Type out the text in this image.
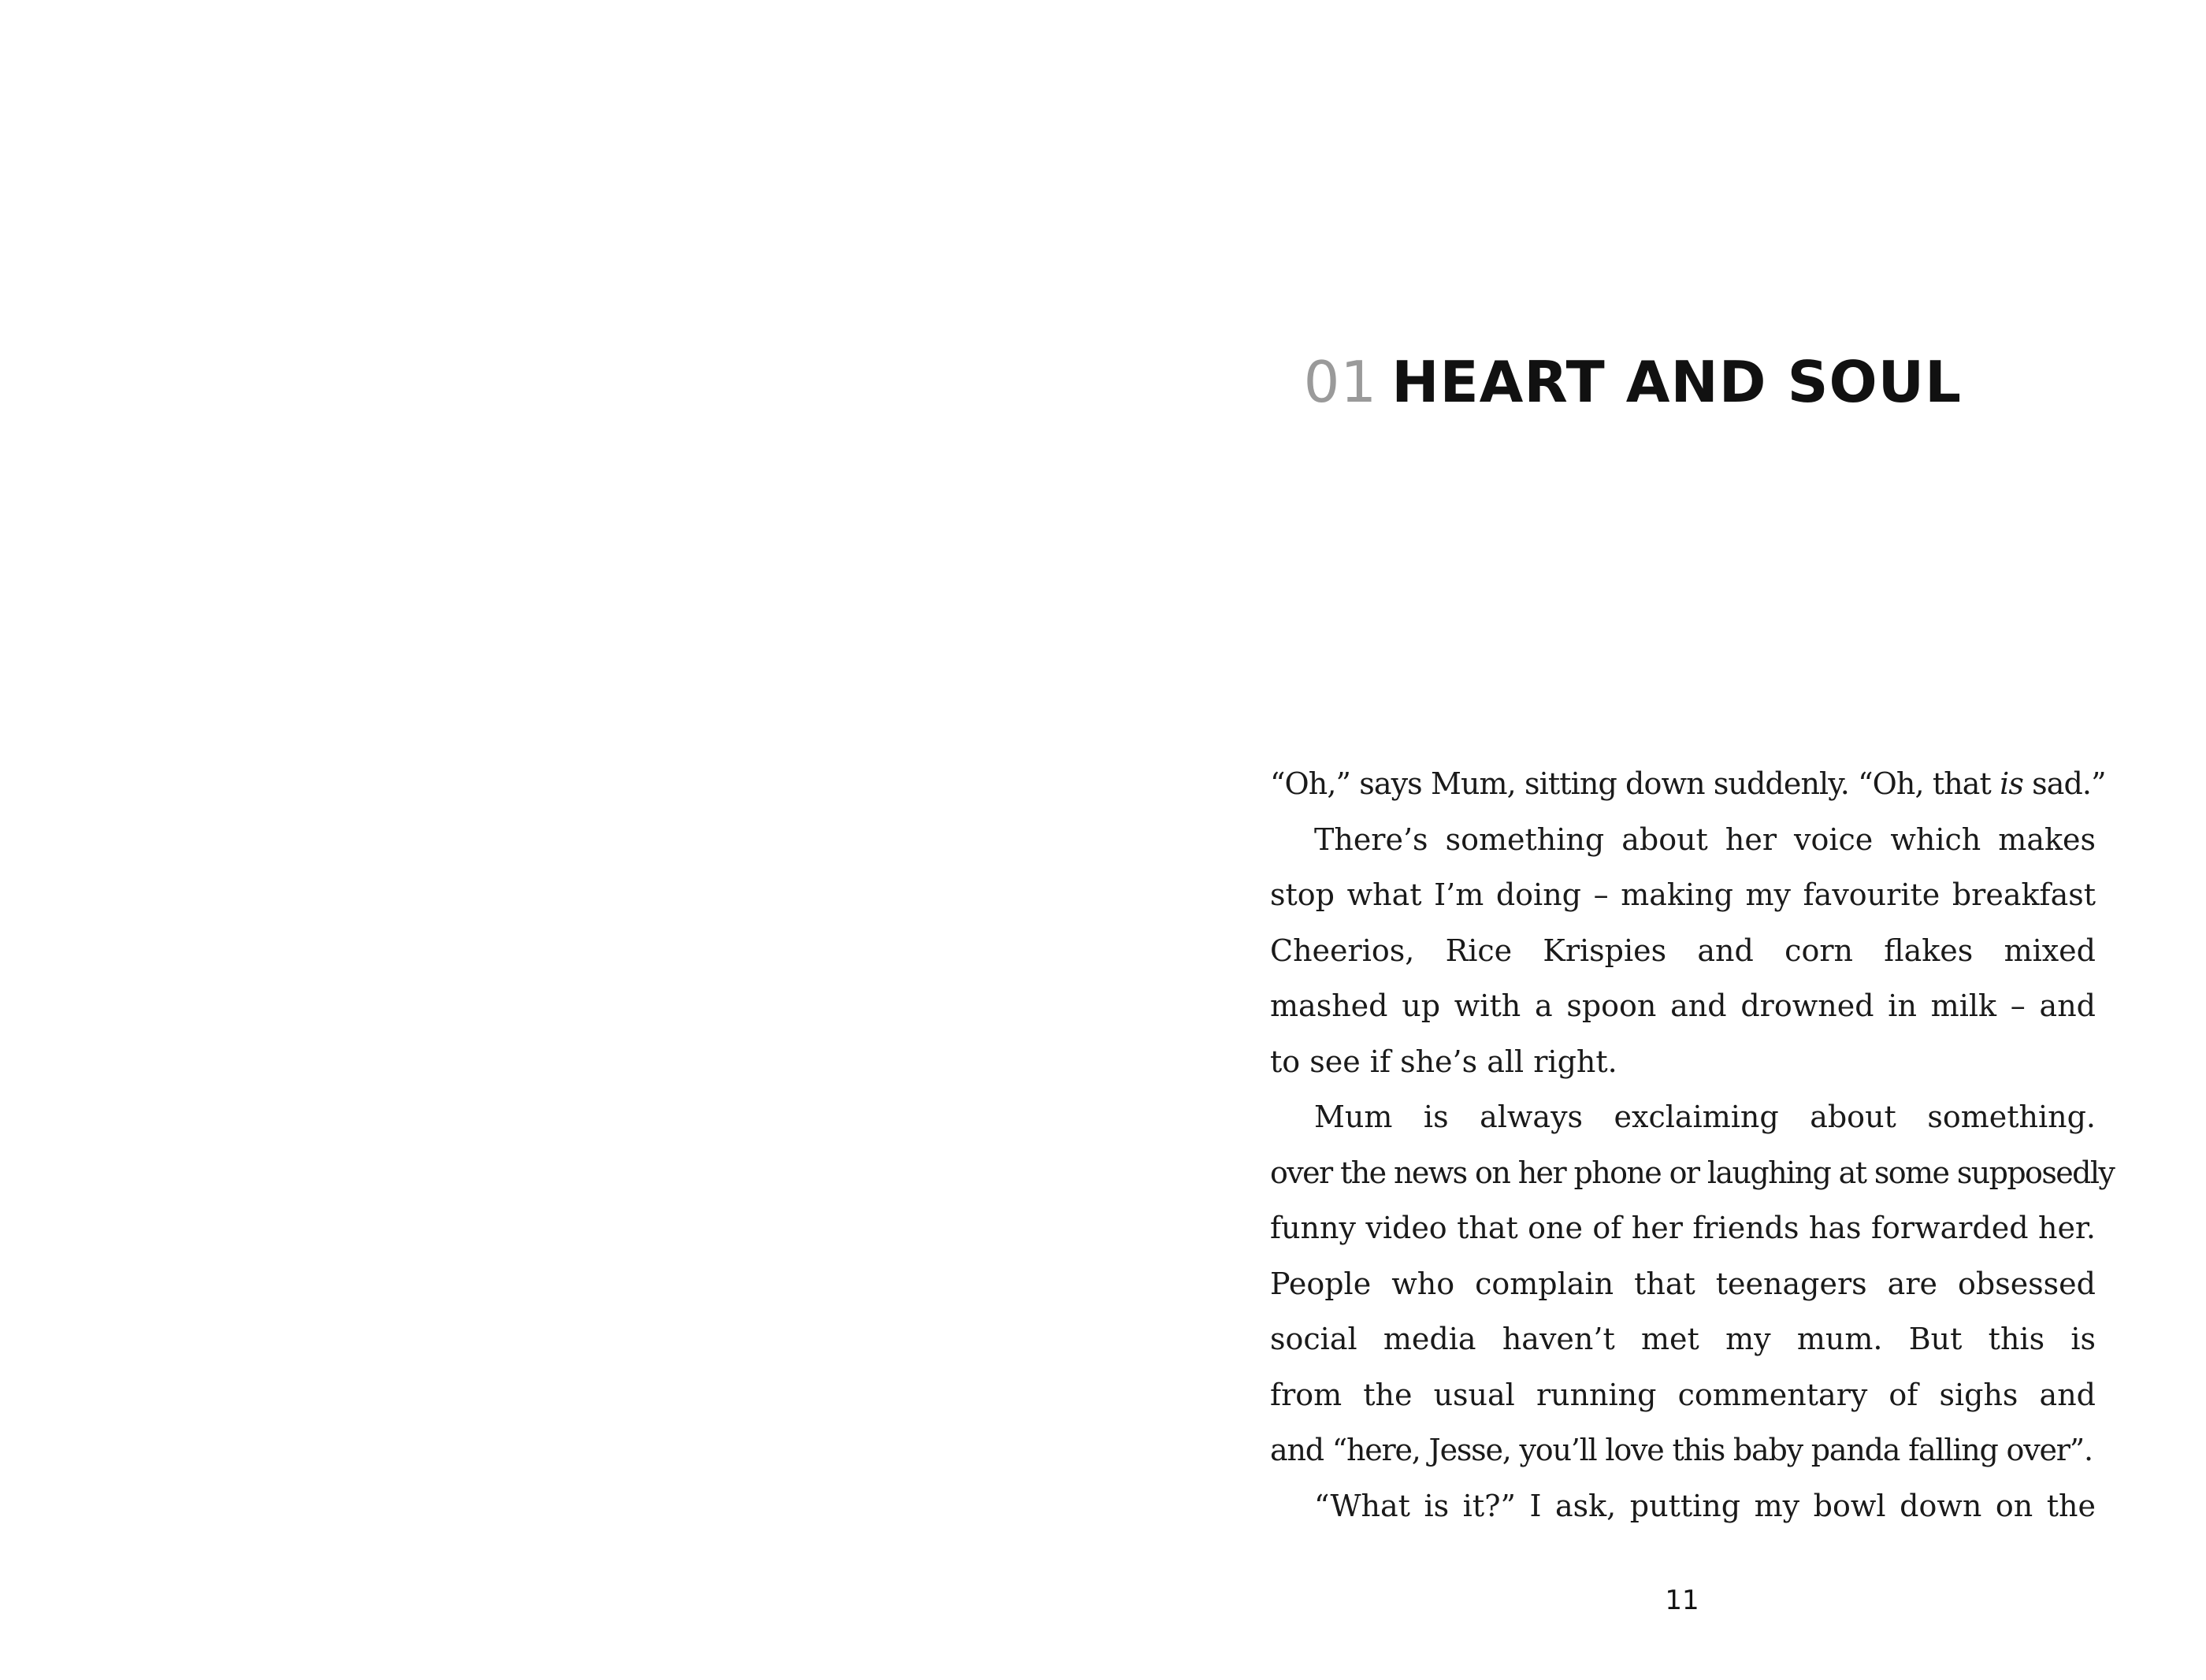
01 HEART AND SOUL
“Oh,” says Mum, sitting down suddenly. “Oh, that is sad.”
There’s something about her voice which makes
stop what I’m doing – making my favourite breakfast
Cheerios, Rice Krispies and corn flakes mixed
mashed up with a spoon and drowned in milk – and
to see if she’s all right.
Mum is always exclaiming about something.
over the news on her phone or laughing at some supposedly
funny video that one of her friends has forwarded her.
People who complain that teenagers are obsessed
social media haven’t met my mum. But this is
from the usual running commentary of sighs and
and “here, Jesse, you’ll love this baby panda falling over”.
“What is it?” I ask, putting my bowl down on the
11
